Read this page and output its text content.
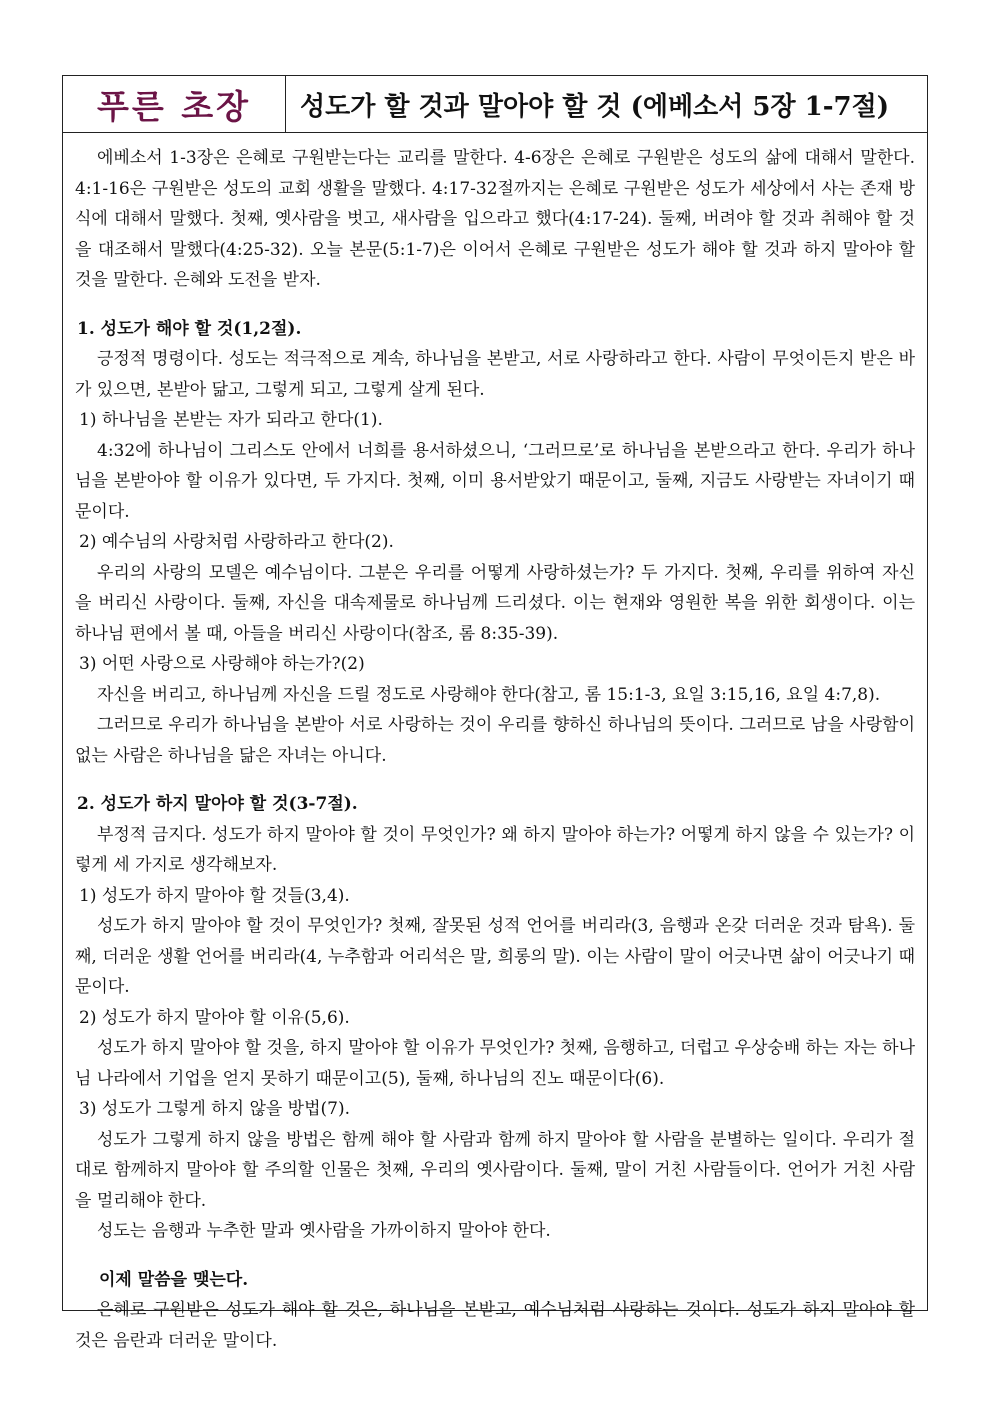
푸른 초장	성도가 할 것과 말아야 할 것 (에베소서 5장 1-7절)

에베소서 1-3장은 은혜로 구원받는다는 교리를 말한다. 4-6장은 은혜로 구원받은 성도의 삶에 대해서 말한다. 4:1-16은 구원받은 성도의 교회 생활을 말했다. 4:17-32절까지는 은혜로 구원받은 성도가 세상에서 사는 존재 방식에 대해서 말했다. 첫째, 옛사람을 벗고, 새사람을 입으라고 했다(4:17-24). 둘째, 버려야 할 것과 취해야 할 것을 대조해서 말했다(4:25-32). 오늘 본문(5:1-7)은 이어서 은혜로 구원받은 성도가 해야 할 것과 하지 말아야 할 것을 말한다. 은혜와 도전을 받자.

1. 성도가 해야 할 것(1,2절).

긍정적 명령이다. 성도는 적극적으로 계속, 하나님을 본받고, 서로 사랑하라고 한다. 사람이 무엇이든지 받은 바가 있으면, 본받아 닮고, 그렇게 되고, 그렇게 살게 된다.

1) 하나님을 본받는 자가 되라고 한다(1).

4:32에 하나님이 그리스도 안에서 너희를 용서하셨으니, ‘그러므로’로 하나님을 본받으라고 한다. 우리가 하나님을 본받아야 할 이유가 있다면, 두 가지다. 첫째, 이미 용서받았기 때문이고, 둘째, 지금도 사랑받는 자녀이기 때문이다.

2) 예수님의 사랑처럼 사랑하라고 한다(2).

우리의 사랑의 모델은 예수님이다. 그분은 우리를 어떻게 사랑하셨는가? 두 가지다. 첫째, 우리를 위하여 자신을 버리신 사랑이다. 둘째, 자신을 대속제물로 하나님께 드리셨다. 이는 현재와 영원한 복을 위한 회생이다. 이는 하나님 편에서 볼 때, 아들을 버리신 사랑이다(참조, 롬 8:35-39).

3) 어떤 사랑으로 사랑해야 하는가?(2)

자신을 버리고, 하나님께 자신을 드릴 정도로 사랑해야 한다(참고, 롬 15:1-3, 요일 3:15,16, 요일 4:7,8).

그러므로 우리가 하나님을 본받아 서로 사랑하는 것이 우리를 향하신 하나님의 뜻이다. 그러므로 남을 사랑함이 없는 사람은 하나님을 닮은 자녀는 아니다.

2. 성도가 하지 말아야 할 것(3-7절).

부정적 금지다. 성도가 하지 말아야 할 것이 무엇인가? 왜 하지 말아야 하는가? 어떻게 하지 않을 수 있는가? 이렇게 세 가지로 생각해보자.

1) 성도가 하지 말아야 할 것들(3,4).

성도가 하지 말아야 할 것이 무엇인가? 첫째, 잘못된 성적 언어를 버리라(3, 음행과 온갖 더러운 것과 탐욕). 둘째, 더러운 생활 언어를 버리라(4, 누추함과 어리석은 말, 희롱의 말). 이는 사람이 말이 어긋나면 삶이 어긋나기 때문이다.

2) 성도가 하지 말아야 할 이유(5,6).

성도가 하지 말아야 할 것을, 하지 말아야 할 이유가 무엇인가? 첫째, 음행하고, 더럽고 우상숭배 하는 자는 하나님 나라에서 기업을 얻지 못하기 때문이고(5), 둘째, 하나님의 진노 때문이다(6).

3) 성도가 그렇게 하지 않을 방법(7).

성도가 그렇게 하지 않을 방법은 함께 해야 할 사람과 함께 하지 말아야 할 사람을 분별하는 일이다. 우리가 절대로 함께하지 말아야 할 주의할 인물은 첫째, 우리의 옛사람이다. 둘째, 말이 거친 사람들이다. 언어가 거친 사람을 멀리해야 한다.

성도는 음행과 누추한 말과 옛사람을 가까이하지 말아야 한다.

이제 말씀을 맺는다.

은혜로 구원받은 성도가 해야 할 것은, 하나님을 본받고, 예수님처럼 사랑하는 것이다. 성도가 하지 말아야 할 것은 음란과 더러운 말이다.
